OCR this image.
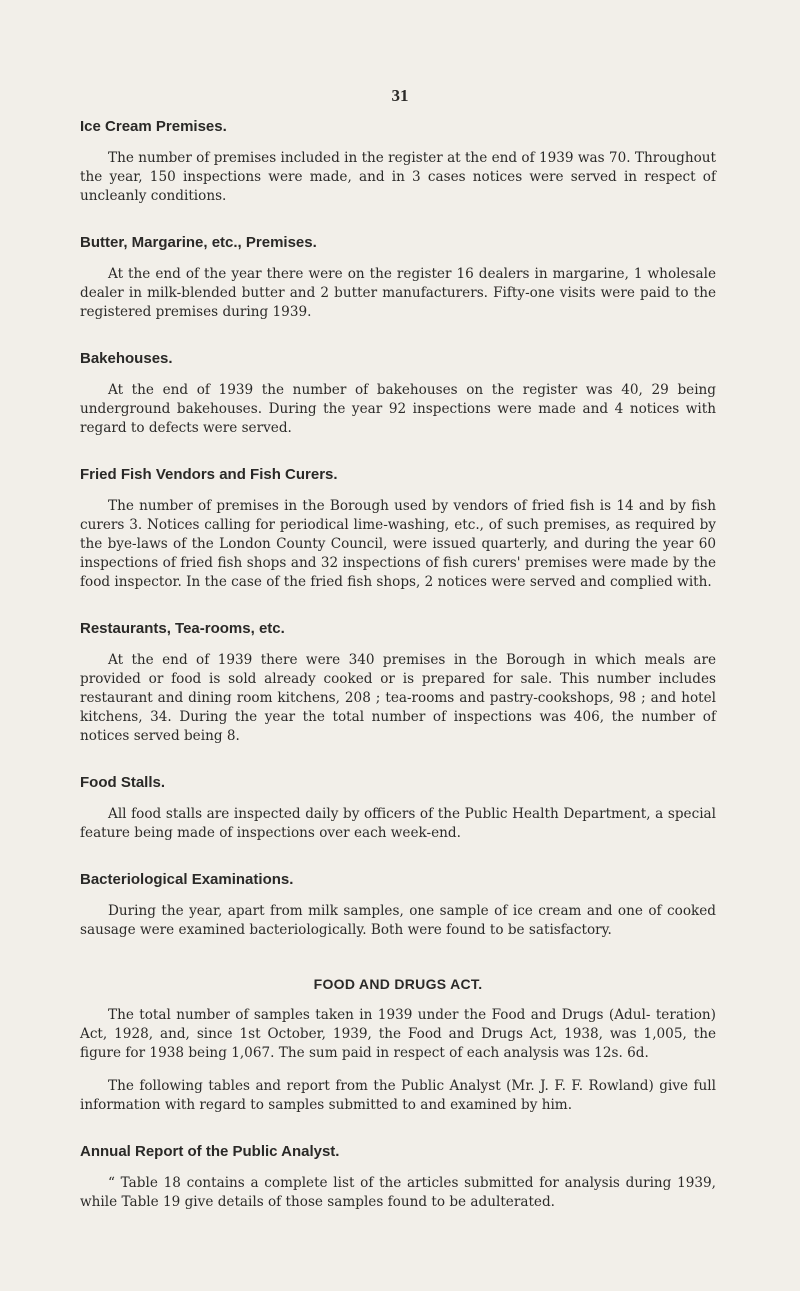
31
Ice Cream Premises.

The number of premises included in the register at the end of 1939 was 70. Throughout the year, 150 inspections were made, and in 3 cases notices were served in respect of uncleanly conditions.

Butter, Margarine, etc., Premises.

At the end of the year there were on the register 16 dealers in margarine, 1 wholesale dealer in milk-blended butter and 2 butter manufacturers. Fifty-one visits were paid to the registered premises during 1939.

Bakehouses.

At the end of 1939 the number of bakehouses on the register was 40, 29 being underground bakehouses. During the year 92 inspections were made and 4 notices with regard to defects were served.

Fried Fish Vendors and Fish Curers.

The number of premises in the Borough used by vendors of fried fish is 14 and by fish curers 3. Notices calling for periodical lime-washing, etc., of such premises, as required by the bye-laws of the London County Council, were issued quarterly, and during the year 60 inspections of fried fish shops and 32 inspections of fish curers' premises were made by the food inspector. In the case of the fried fish shops, 2 notices were served and complied with.

Restaurants, Tea-rooms, etc.

At the end of 1939 there were 340 premises in the Borough in which meals are provided or food is sold already cooked or is prepared for sale. This number includes restaurant and dining room kitchens, 208 ; tea-rooms and pastry-cookshops, 98 ; and hotel kitchens, 34. During the year the total number of inspections was 406, the number of notices served being 8.

Food Stalls.

All food stalls are inspected daily by officers of the Public Health Department, a special feature being made of inspections over each week-end.

Bacteriological Examinations.

During the year, apart from milk samples, one sample of ice cream and one of cooked sausage were examined bacteriologically. Both were found to be satisfactory.

FOOD AND DRUGS ACT.

The total number of samples taken in 1939 under the Food and Drugs (Adul- teration) Act, 1928, and, since 1st October, 1939, the Food and Drugs Act, 1938, was 1,005, the figure for 1938 being 1,067. The sum paid in respect of each analysis was 12s. 6d.

The following tables and report from the Public Analyst (Mr. J. F. F. Rowland) give full information with regard to samples submitted to and examined by him.

Annual Report of the Public Analyst.

“ Table 18 contains a complete list of the articles submitted for analysis during 1939, while Table 19 give details of those samples found to be adulterated.
